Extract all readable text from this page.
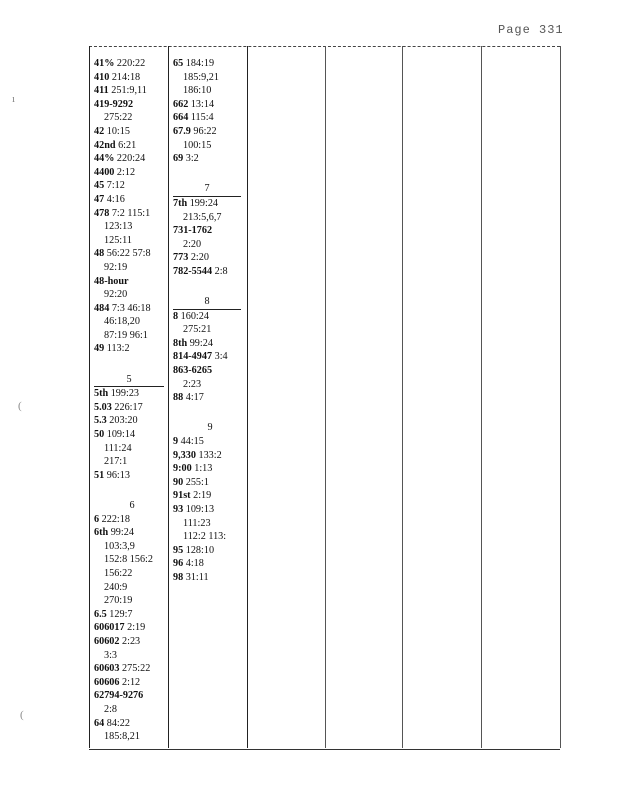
Page 331
41% 220:22
410 214:18
411 251:9,11
419-9292
275:22
42 10:15
42nd 6:21
44% 220:24
4400 2:12
45 7:12
47 4:16
478 7:2 115:1
123:13
125:11
48 56:22 57:8
92:19
48-hour
92:20
484 7:3 46:18
46:18,20
87:19 96:1
49 113:2
5
5th 199:23
5.03 226:17
5.3 203:20
50 109:14
111:24
217:1
51 96:13
6
6 222:18
6th 99:24
103:3,9
152:8 156:2
156:22
240:9
270:19
6.5 129:7
606017 2:19
60602 2:23
3:3
60603 275:22
60606 2:12
62794-9276
2:8
64 84:22
185:8,21
65 184:19
185:9,21
186:10
662 13:14
664 115:4
67.9 96:22
100:15
69 3:2
7
7th 199:24
213:5,6,7
731-1762
2:20
773 2:20
782-5544 2:8
8
8 160:24
275:21
8th 99:24
814-4947 3:4
863-6265
2:23
88 4:17
9
9 44:15
9,330 133:2
9:00 1:13
90 255:1
91st 2:19
93 109:13
111:23
112:2 113:
95 128:10
96 4:18
98 31:11
ı
(
(
